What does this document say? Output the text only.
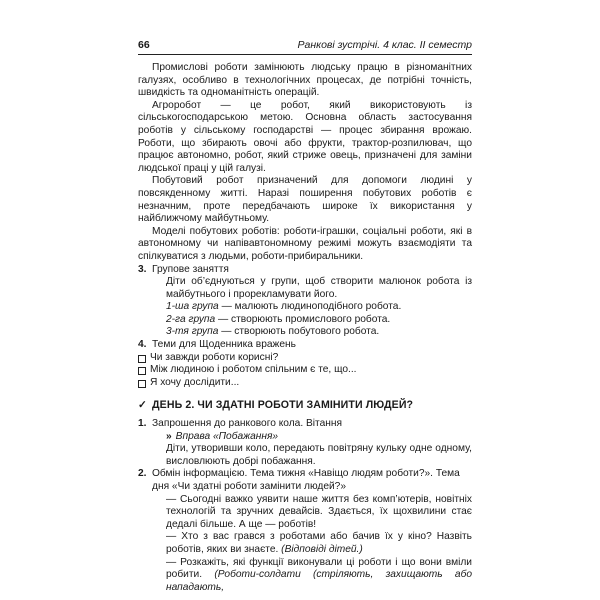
66	Ранкові зустрічі. 4 клас. ІІ семестр

Промислові роботи замінюють людську працю в різноманітних галузях, особливо в технологічних процесах, де потрібні точність, швидкість та одноманітність операцій.

Агроробот — це робот, який використовують із сільськогосподарською метою. Основна область застосування роботів у сільському господарстві — процес збирання врожаю. Роботи, що збирають овочі або фрукти, трактор-розпилювач, що працює автономно, робот, який стриже овець, призначені для заміни людської праці у цій галузі.

Побутовий робот призначений для допомоги людині у повсякденному житті. Наразі поширення побутових роботів є незначним, проте передбачають широке їх використання у найближчому майбутньому.

Моделі побутових роботів: роботи-іграшки, соціальні роботи, які в автономному чи напівавтономному режимі можуть взаємодіяти та спілкуватися з людьми, роботи-прибиральники.

3. Групове заняття

Діти об’єднуються у групи, щоб створити малюнок робота із майбутнього і прорекламувати його.

1-ша група — малюють людиноподібного робота.

2-га група — створюють промислового робота.

3-тя група — створюють побутового робота.

4. Теми для Щоденника вражень

Чи завжди роботи корисні?

Між людиною і роботом спільним є те, що...

Я хочу дослідити...

✓ ДЕНЬ 2. ЧИ ЗДАТНІ РОБОТИ ЗАМІНИТИ ЛЮДЕЙ?

1. Запрошення до ранкового кола. Вітання

» Вправа «Побажання»

Діти, утворивши коло, передають повітряну кульку одне одному, висловлюють добрі побажання.

2. Обмін інформацією. Тема тижня «Навіщо людям роботи?». Тема дня «Чи здатні роботи замінити людей?»

— Сьогодні важко уявити наше життя без комп’ютерів, новітніх технологій та зручних девайсів. Здається, їх щохвилини стає дедалі більше. А ще — роботів!

— Хто з вас грався з роботами або бачив їх у кіно? Назвіть роботів, яких ви знаєте. (Відповіді дітей.)

— Розкажіть, які функції виконували ці роботи і що вони вміли робити. (Роботи-солдати (стріляють, захищають або нападають,
